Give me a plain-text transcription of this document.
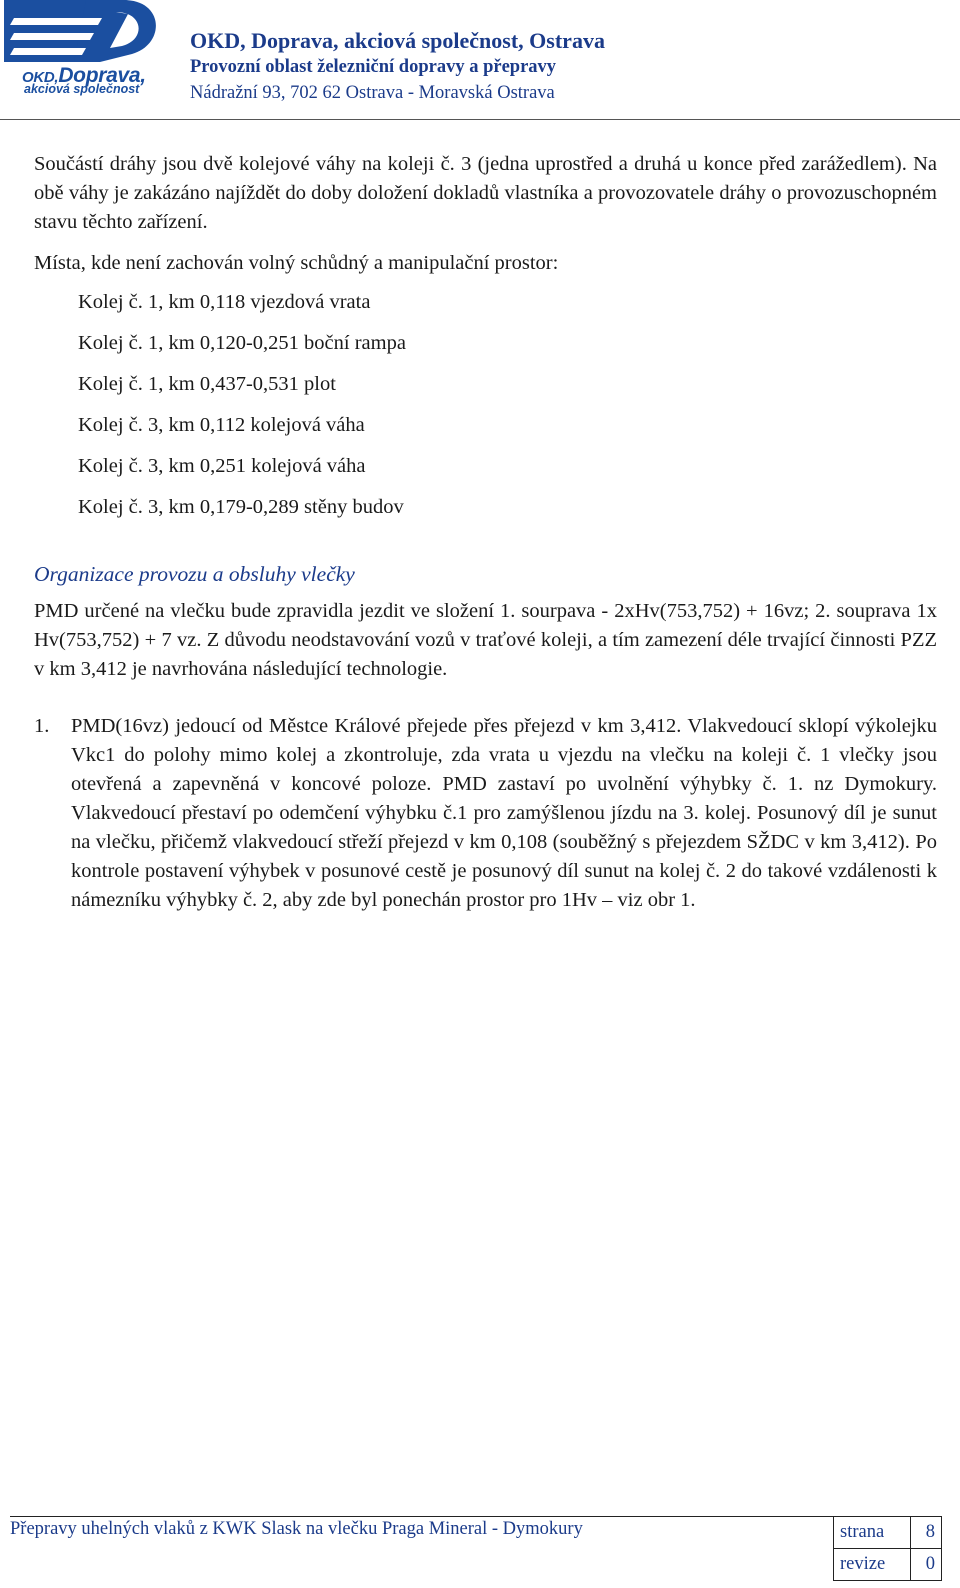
OKD,Doprava,
akciová společnost
OKD, Doprava, akciová společnost, Ostrava
Provozní oblast železniční dopravy a přepravy
Nádražní 93, 702 62 Ostrava - Moravská Ostrava

Součástí dráhy jsou dvě kolejové váhy na koleji č. 3 (jedna uprostřed a druhá u konce před zarážedlem). Na obě váhy je zakázáno najíždět do doby doložení dokladů vlastníka a provozovatele dráhy o provozuschopném stavu těchto zařízení.

Místa, kde není zachován volný schůdný a manipulační prostor:

Kolej č. 1, km 0,118 vjezdová vrata
Kolej č. 1, km 0,120-0,251 boční rampa
Kolej č. 1, km 0,437-0,531 plot
Kolej č. 3, km 0,112 kolejová váha
Kolej č. 3, km 0,251 kolejová váha
Kolej č. 3, km 0,179-0,289 stěny budov
Organizace provozu a obsluhy vlečky

PMD určené na vlečku bude zpravidla jezdit ve složení 1. sourpava - 2xHv(753,752) + 16vz; 2. souprava 1x Hv(753,752) + 7 vz. Z důvodu neodstavování vozů v traťové koleji, a tím zamezení déle trvající činnosti PZZ v km 3,412 je navrhována následující technologie.

1.	PMD(16vz) jedoucí od Městce Králové přejede přes přejezd v km 3,412. Vlakvedoucí sklopí výkolejku Vkc1 do polohy mimo kolej a zkontroluje, zda vrata u vjezdu na vlečku na koleji č. 1 vlečky jsou otevřená a zapevněná v koncové poloze. PMD zastaví po uvolnění výhybky č. 1. nz Dymokury. Vlakvedoucí přestaví po odemčení výhybku č.1 pro zamýšlenou jízdu na 3. kolej. Posunový díl je sunut na vlečku, přičemž vlakvedoucí střeží přejezd v km 0,108 (souběžný s přejezdem SŽDC v km 3,412). Po kontrole postavení výhybek v posunové cestě je posunový díl sunut na kolej č. 2 do takové vzdálenosti k námezníku výhybky č. 2, aby zde byl ponechán prostor pro 1Hv – viz obr 1.
Přepravy uhelných vlaků z KWK Slask na vlečku Praga Mineral - Dymokury	strana	8
revize	0
